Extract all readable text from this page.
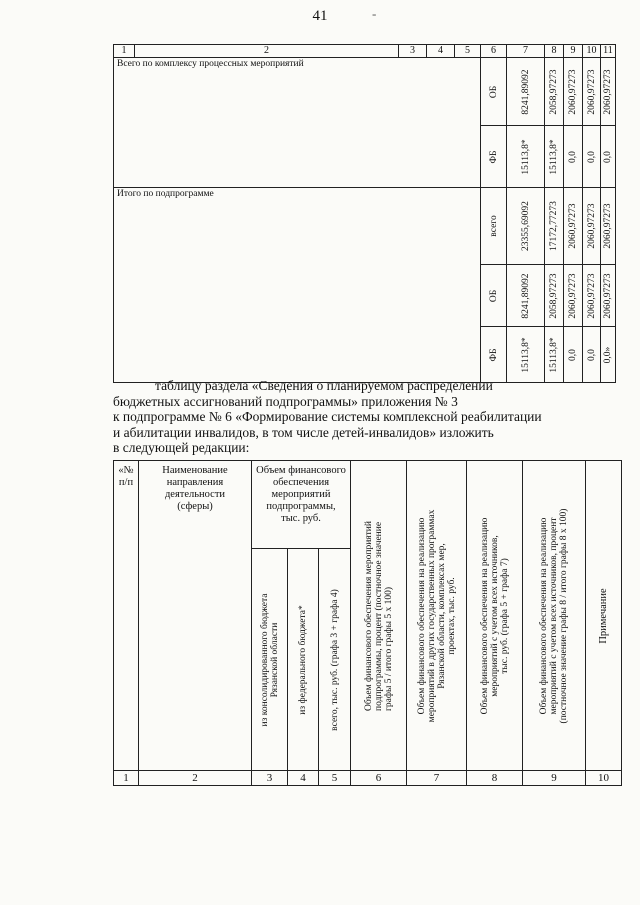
41	-
1	2	3	4	5	6	7	8	9	10	11
Всего по комплексу процессных мероприятий					ОБ	8241,89092	2058,97273	2060,97273	2060,97273	2060,97273

					ФБ	15113,8*	15113,8*	0,0	0,0	0,0

Итого по подпрограмме					всего	23355,69092	17172,77273	2060,97273	2060,97273	2060,97273

					ОБ	8241,89092	2058,97273	2060,97273	2060,97273	2060,97273

					ФБ	15113,8*	15113,8*	0,0	0,0	0,0»
таблицу раздела «Сведения о планируемом распределении
бюджетных ассигнований подпрограммы» приложения № 3
к подпрограмме № 6 «Формирование системы комплексной реабилитации
и абилитации инвалидов, в том числе детей-инвалидов» изложить
в следующей редакции:
«№ п/п	Наименование направления деятельности (сферы)	Объем финансового обеспечения мероприятий подпрограммы, тыс. руб.			Объем финансового обеспечения мероприятий
подпрограммы, процент (постночное значение
графы 5 / итого графы 5 x 100)	Объем финансового обеспечения на реализацию
мероприятий в других государственных программах
Рязанской области, комплексах мер,
проектах, тыс. руб.	Объем финансового обеспечения на реализацию
мероприятий с учетом всех источников,
тыс. руб. (графа 5 + графа 7)	Объем финансового обеспечения на реализацию
мероприятий с учетом всех источников, процент
(постночное значение графы 8 / итого графы 8 x 100)	Примечание

		из консолидированного бюджета
Рязанской области	из федерального бюджета*	всего, тыс. руб. (графа 3 + графа 4)					

1	2	3	4	5	6	7	8	9	10
